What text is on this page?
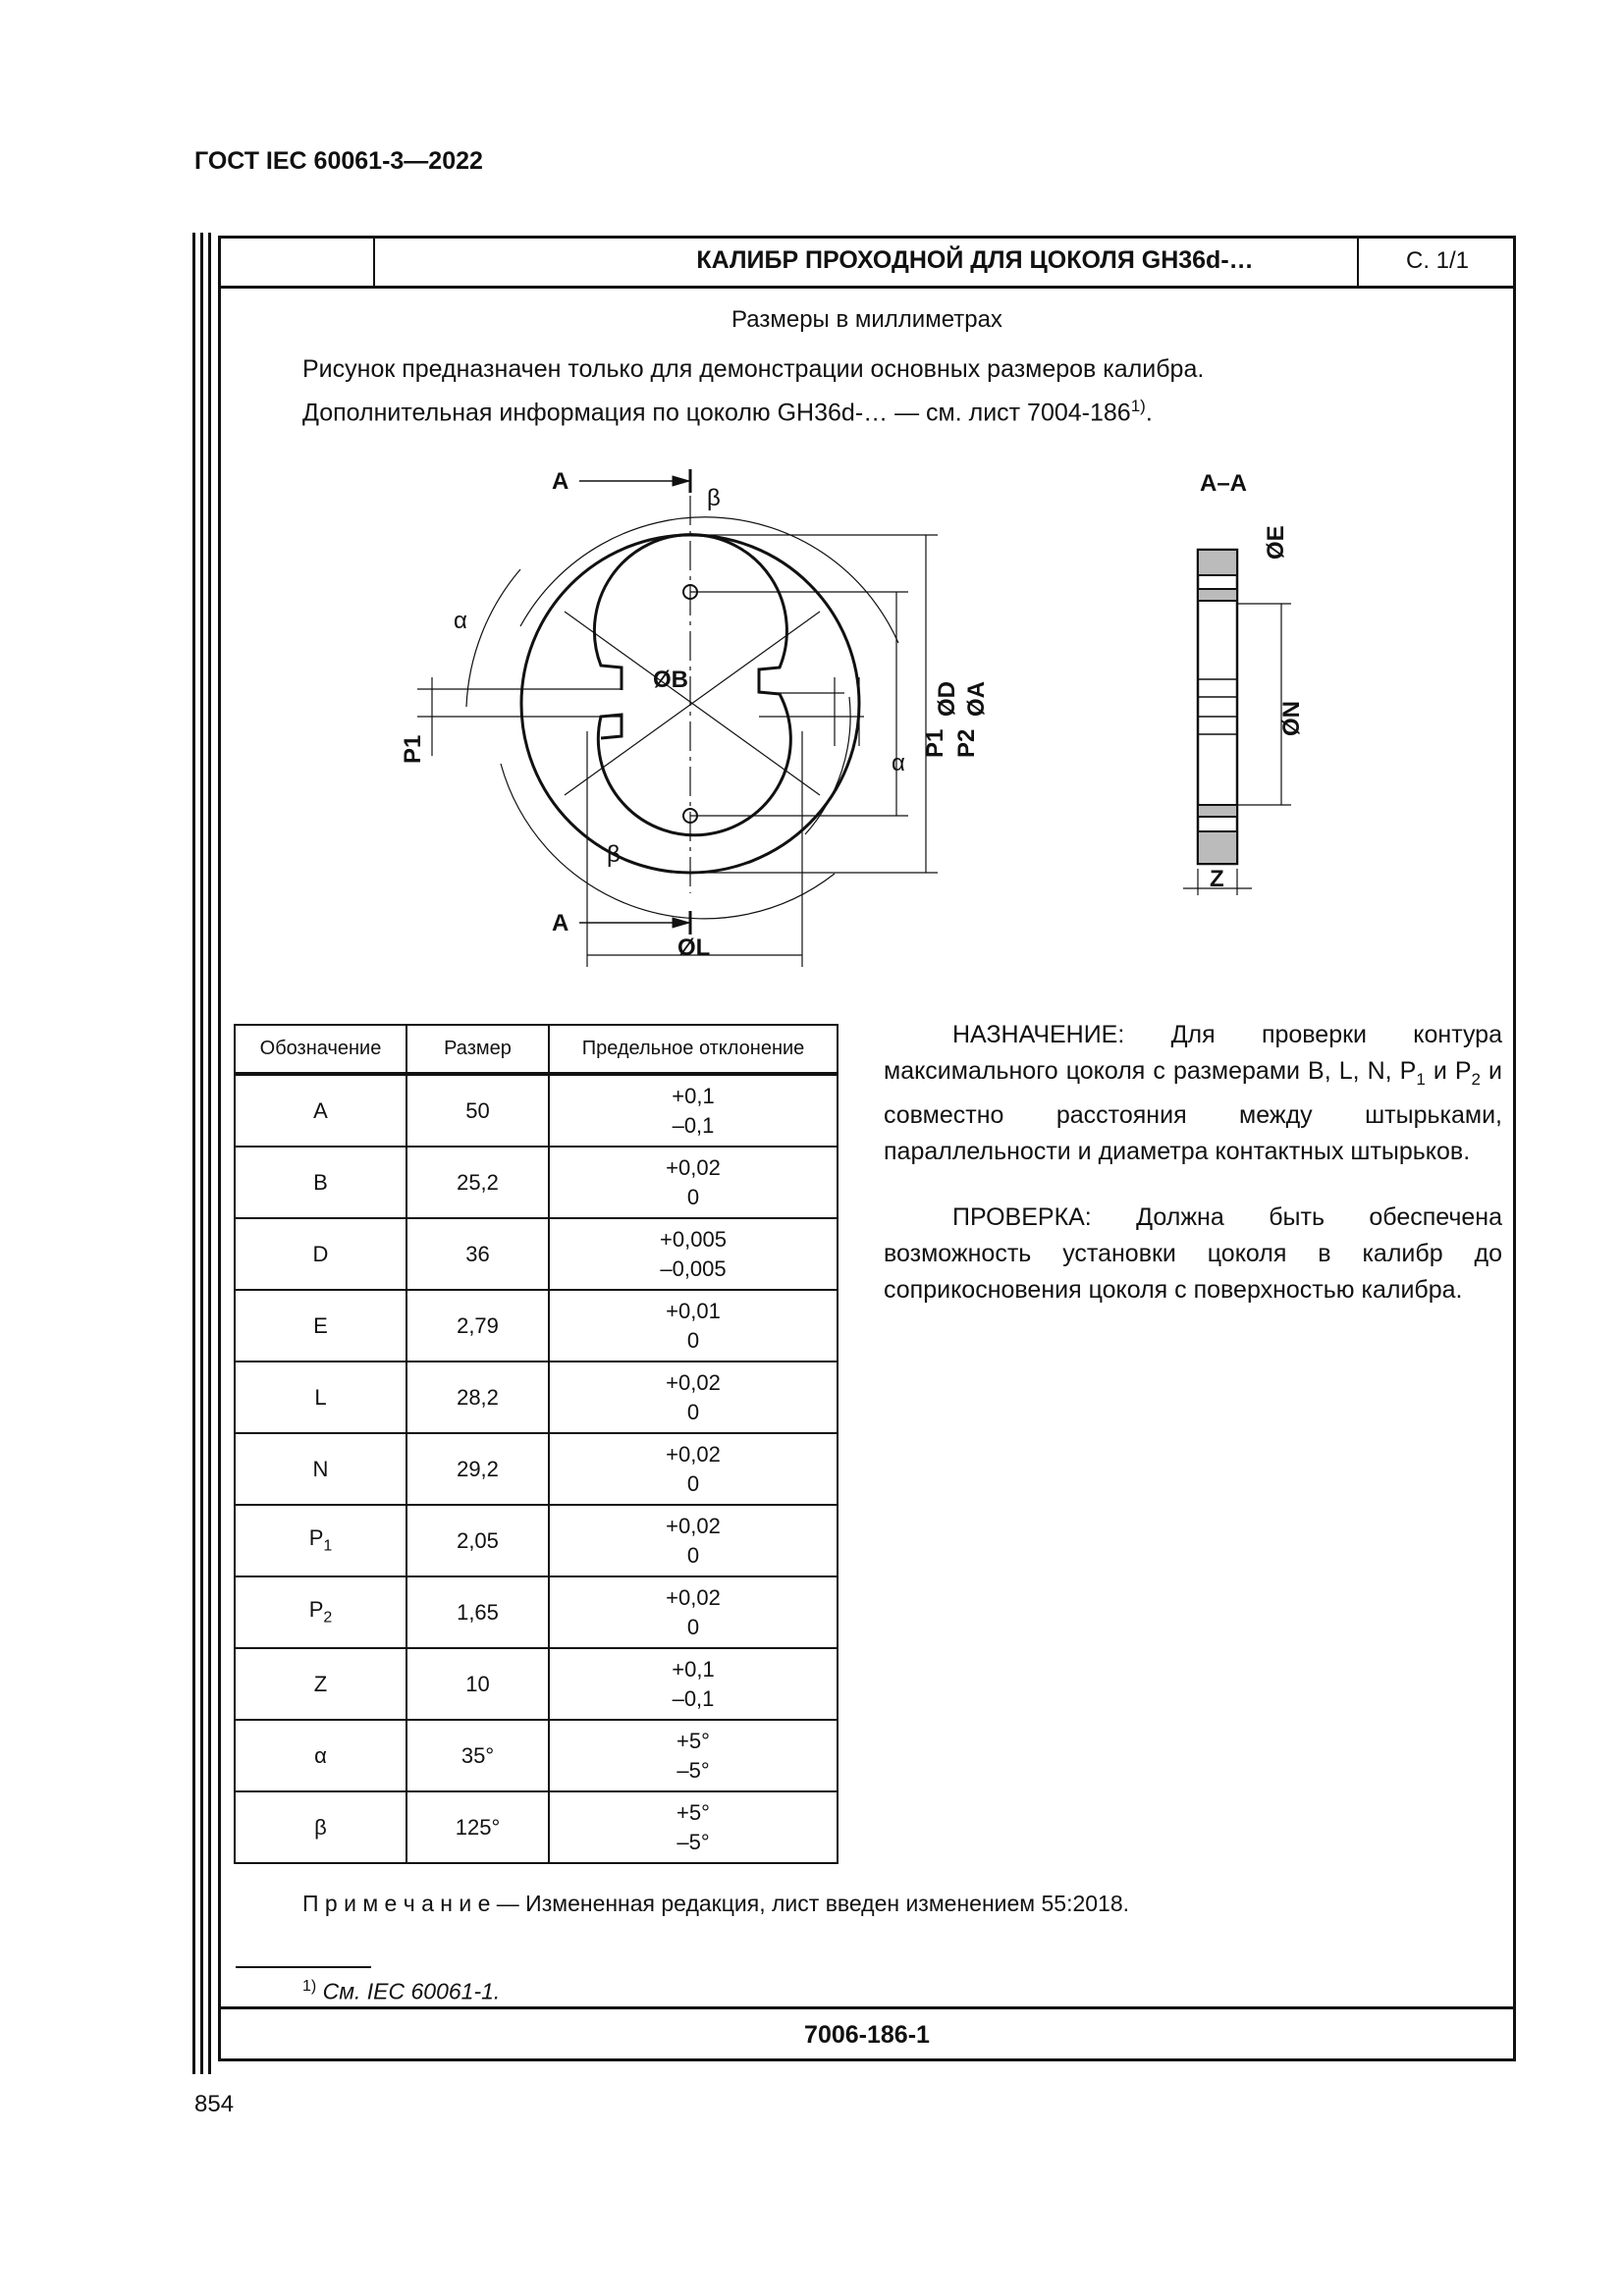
ГОСТ IEC 60061-3—2022
КАЛИБР ПРОХОДНОЙ ДЛЯ ЦОКОЛЯ GH36d-…	С. 1/1
Размеры в миллиметрах
Рисунок предназначен только для демонстрации основных размеров калибра.
Дополнительная информация по цоколю GH36d-… — см. лист 7004-186$^{1)}$.
A
A
β
β
α
α
ØB
ØL
ØD ØA
P1	P1 P2
A–A
ØE
ØN
Z
Обозначение	Размер	Предельное отклонение
A	50	+0,1
–0,1

B	25,2	+0,02
0

D	36	+0,005
–0,005

E	2,79	+0,01
0

L	28,2	+0,02
0

N	29,2	+0,02
0

$P_1$	2,05	+0,02
0

$P_2$	1,65	+0,02
0

Z	10	+0,1
–0,1

α	35°	+5°
–5°

β	125°	+5°
–5°

НАЗНАЧЕНИЕ: Для проверки контура максимального цоколя с размерами B, L, N, $P_1$ и $P_2$ и совместно расстояния между штырьками, параллельности и диаметра контактных штырьков.

ПРОВЕРКА: Должна быть обеспечена возможность установки цоколя в калибр до соприкосновения цоколя с поверхностью калибра.

П р и м е ч а н и е — Измененная редакция, лист введен изменением 55:2018.
$^{1)}$ См. IEC 60061-1.
7006-186-1
854
